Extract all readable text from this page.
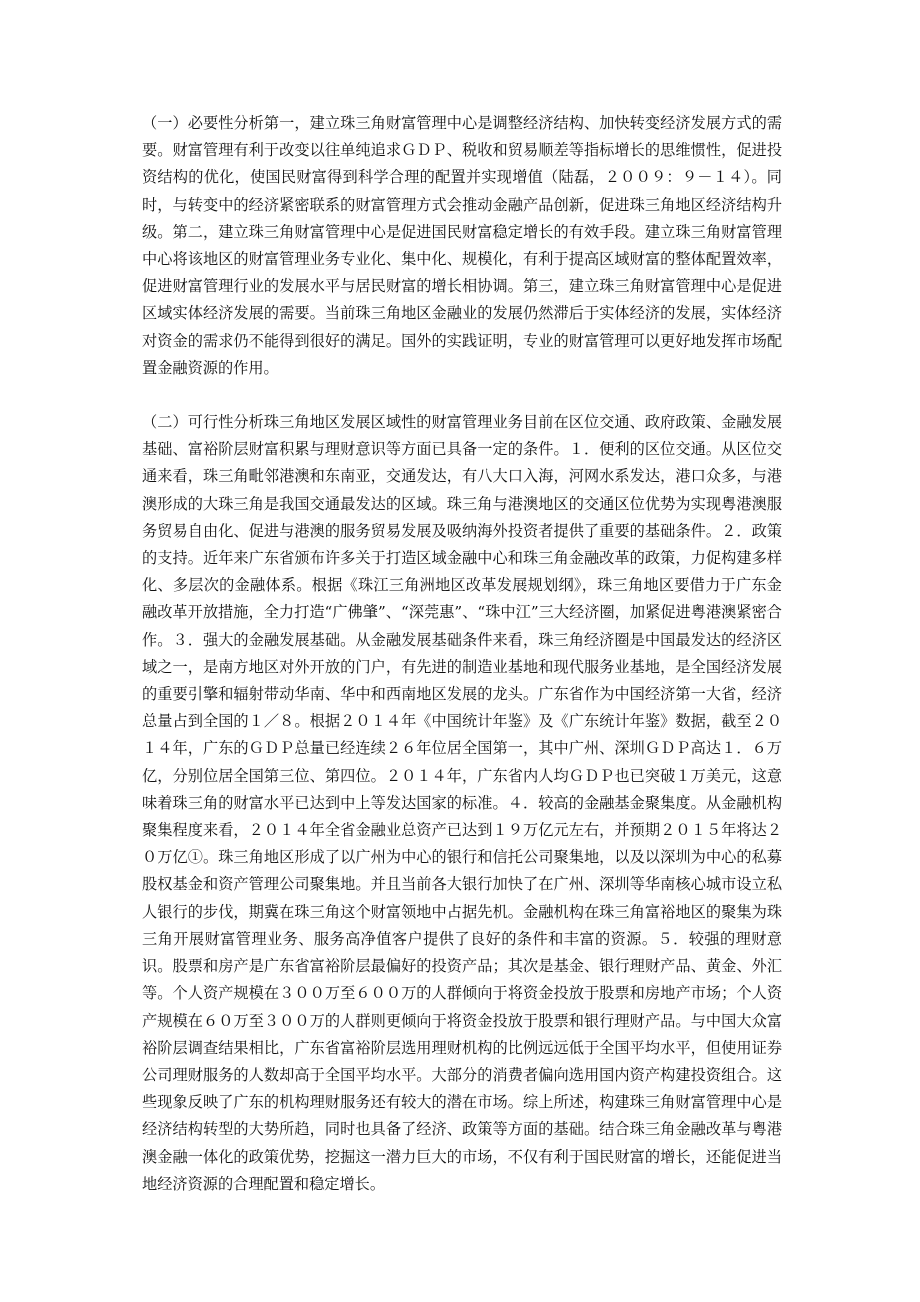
（一）必要性分析第一，建立珠三角财富管理中心是调整经济结构、加快转变经济发展方式的需要。财富管理有利于改变以往单纯追求ＧＤＰ、税收和贸易顺差等指标增长的思维惯性，促进投资结构的优化，使国民财富得到科学合理的配置并实现增值（陆磊，２００９：９－１４）。同时，与转变中的经济紧密联系的财富管理方式会推动金融产品创新，促进珠三角地区经济结构升级。第二，建立珠三角财富管理中心是促进国民财富稳定增长的有效手段。建立珠三角财富管理中心将该地区的财富管理业务专业化、集中化、规模化，有利于提高区域财富的整体配置效率，促进财富管理行业的发展水平与居民财富的增长相协调。第三，建立珠三角财富管理中心是促进区域实体经济发展的需要。当前珠三角地区金融业的发展仍然滞后于实体经济的发展，实体经济对资金的需求仍不能得到很好的满足。国外的实践证明，专业的财富管理可以更好地发挥市场配置金融资源的作用。

（二）可行性分析珠三角地区发展区域性的财富管理业务目前在区位交通、政府政策、金融发展基础、富裕阶层财富积累与理财意识等方面已具备一定的条件。１．便利的区位交通。从区位交通来看，珠三角毗邻港澳和东南亚，交通发达，有八大口入海，河网水系发达，港口众多，与港澳形成的大珠三角是我国交通最发达的区域。珠三角与港澳地区的交通区位优势为实现粤港澳服务贸易自由化、促进与港澳的服务贸易发展及吸纳海外投资者提供了重要的基础条件。２．政策的支持。近年来广东省颁布许多关于打造区域金融中心和珠三角金融改革的政策，力促构建多样化、多层次的金融体系。根据《珠江三角洲地区改革发展规划纲》，珠三角地区要借力于广东金融改革开放措施，全力打造“广佛肇”、“深莞惠”、“珠中江”三大经济圈，加紧促进粤港澳紧密合作。３．强大的金融发展基础。从金融发展基础条件来看，珠三角经济圈是中国最发达的经济区域之一，是南方地区对外开放的门户，有先进的制造业基地和现代服务业基地，是全国经济发展的重要引擎和辐射带动华南、华中和西南地区发展的龙头。广东省作为中国经济第一大省，经济总量占到全国的１／８。根据２０１４年《中国统计年鉴》及《广东统计年鉴》数据，截至２０１４年，广东的ＧＤＰ总量已经连续２６年位居全国第一，其中广州、深圳ＧＤＰ高达１．６万亿，分别位居全国第三位、第四位。２０１４年，广东省内人均ＧＤＰ也已突破１万美元，这意味着珠三角的财富水平已达到中上等发达国家的标准。４．较高的金融基金聚集度。从金融机构聚集程度来看，２０１４年全省金融业总资产已达到１９万亿元左右，并预期２０１５年将达２０万亿①。珠三角地区形成了以广州为中心的银行和信托公司聚集地，以及以深圳为中心的私募股权基金和资产管理公司聚集地。并且当前各大银行加快了在广州、深圳等华南核心城市设立私人银行的步伐，期冀在珠三角这个财富领地中占据先机。金融机构在珠三角富裕地区的聚集为珠三角开展财富管理业务、服务高净值客户提供了良好的条件和丰富的资源。５．较强的理财意识。股票和房产是广东省富裕阶层最偏好的投资产品；其次是基金、银行理财产品、黄金、外汇等。个人资产规模在３００万至６００万的人群倾向于将资金投放于股票和房地产市场；个人资产规模在６０万至３００万的人群则更倾向于将资金投放于股票和银行理财产品。与中国大众富裕阶层调查结果相比，广东省富裕阶层选用理财机构的比例远远低于全国平均水平，但使用证券公司理财服务的人数却高于全国平均水平。大部分的消费者偏向选用国内资产构建投资组合。这些现象反映了广东的机构理财服务还有较大的潜在市场。综上所述，构建珠三角财富管理中心是经济结构转型的大势所趋，同时也具备了经济、政策等方面的基础。结合珠三角金融改革与粤港澳金融一体化的政策优势，挖掘这一潜力巨大的市场，不仅有利于国民财富的增长，还能促进当地经济资源的合理配置和稳定增长。
